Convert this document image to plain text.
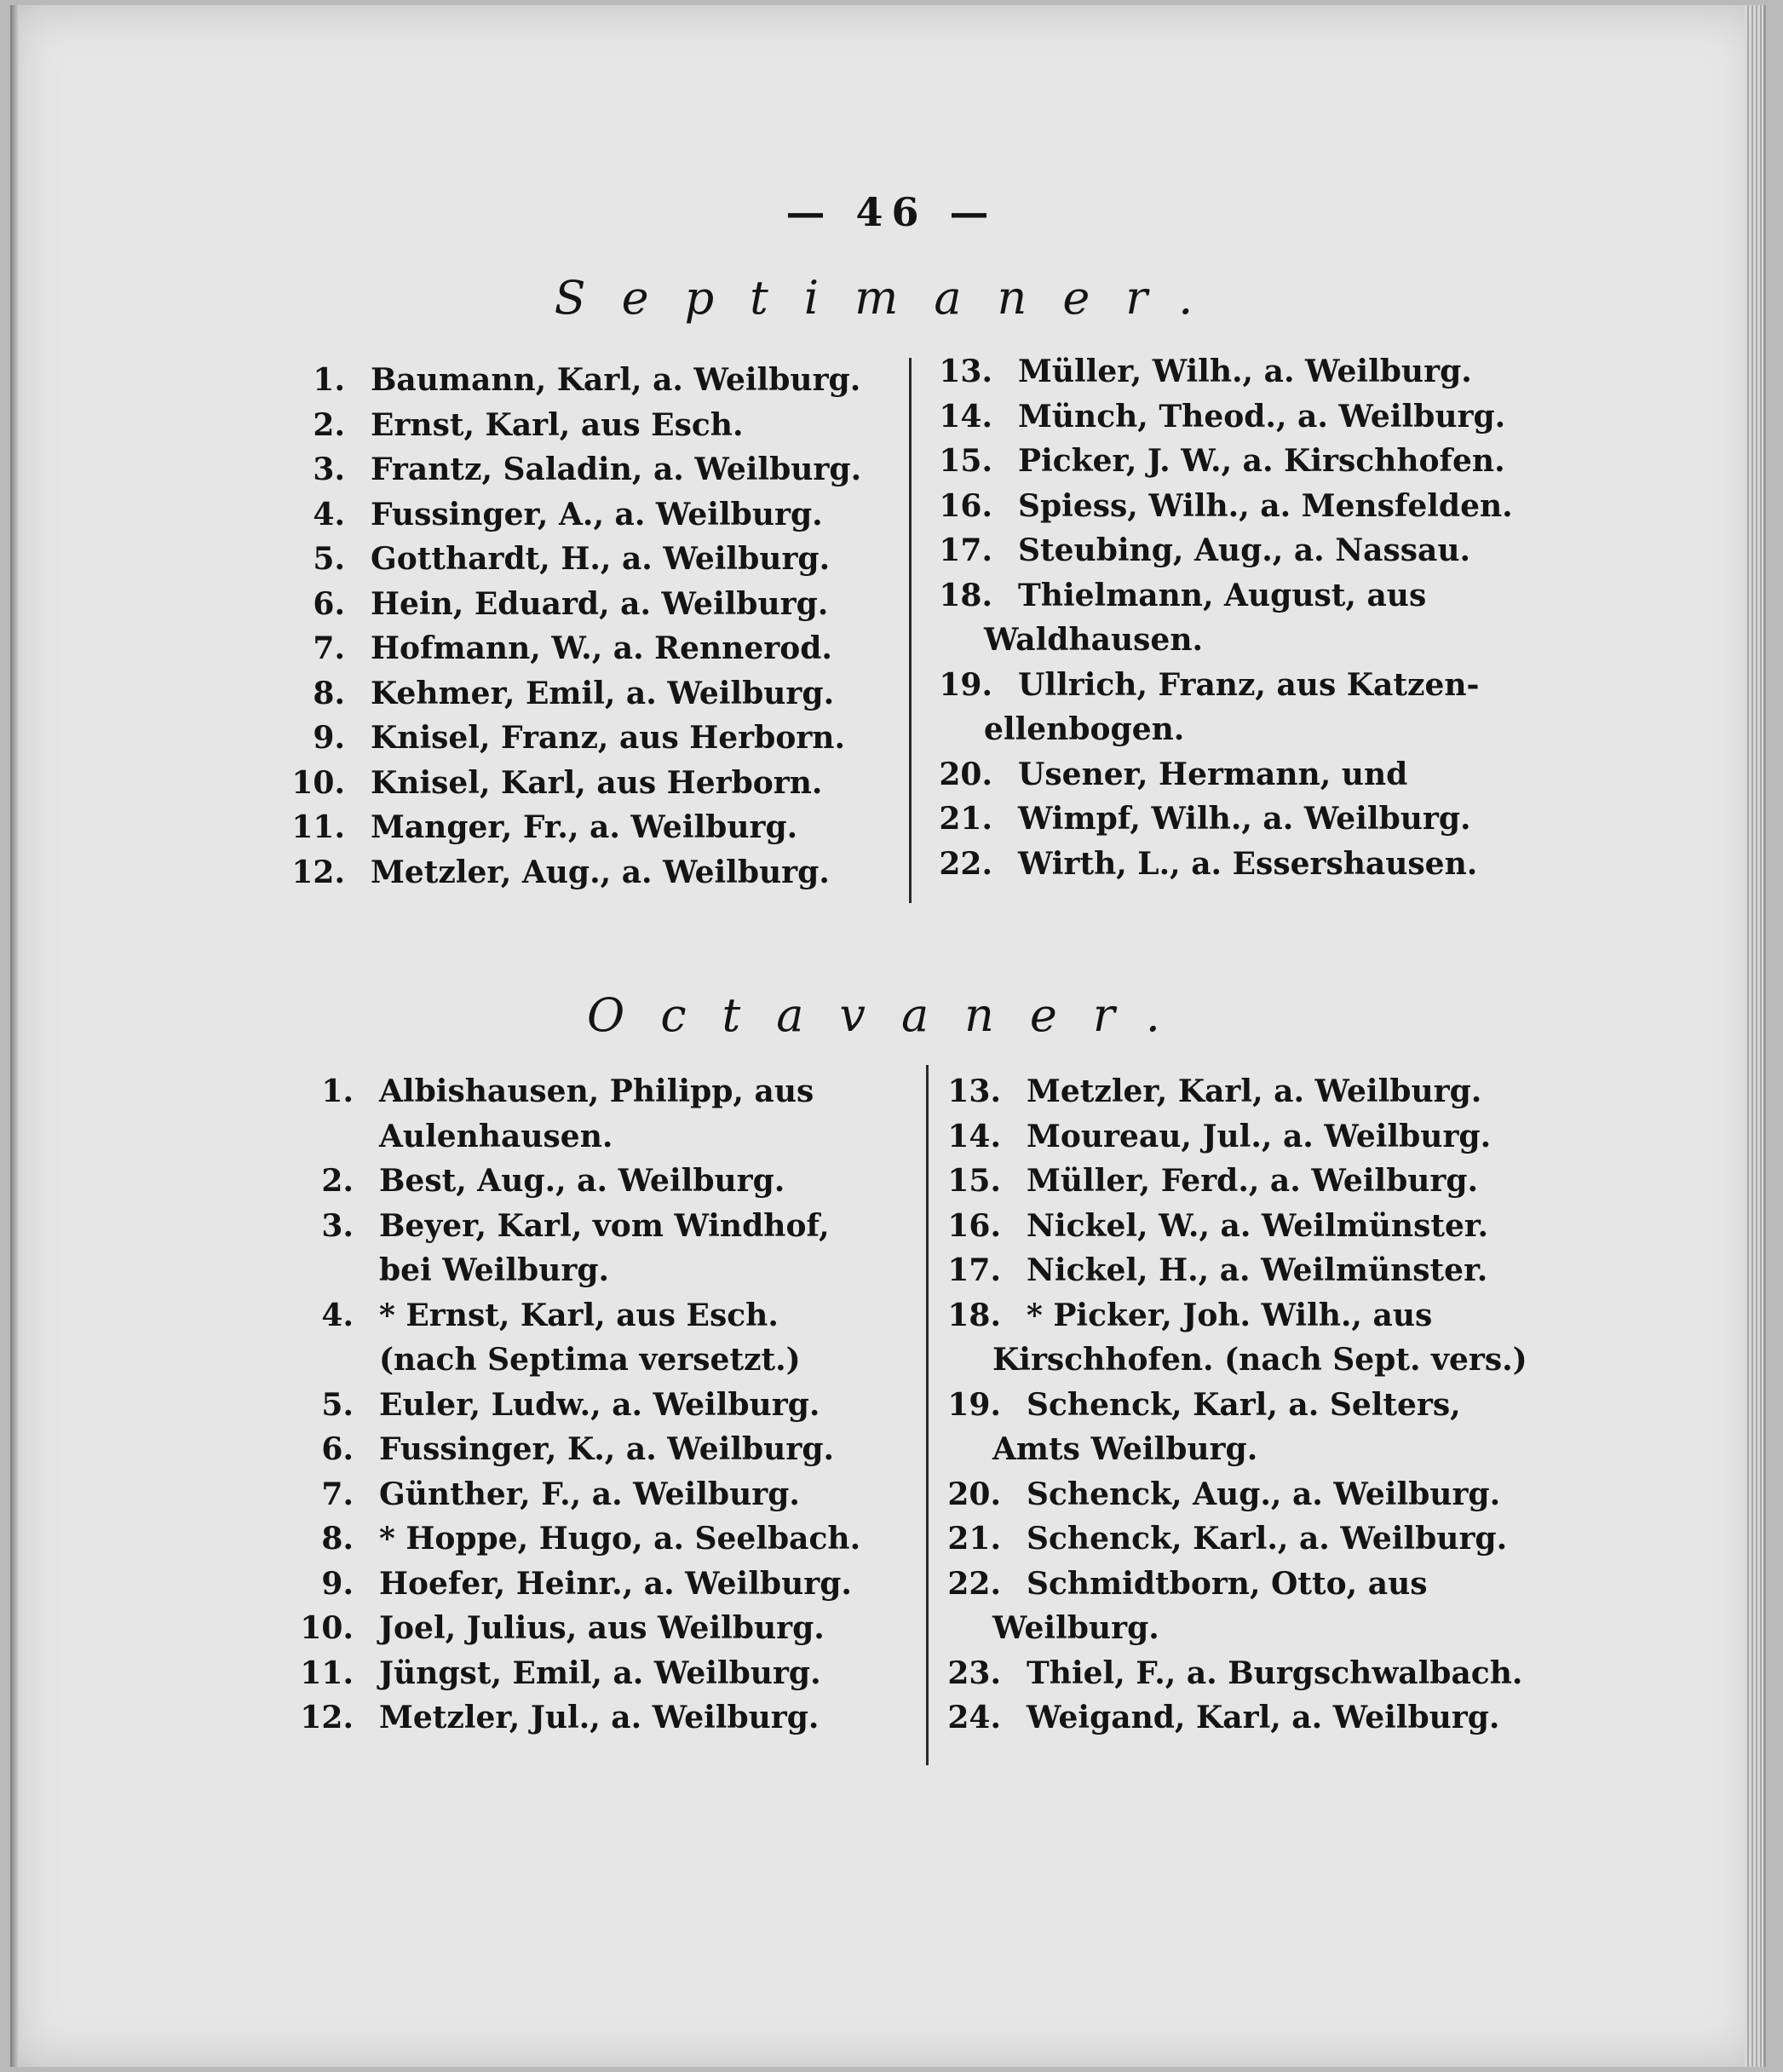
— 46 —
Septimaner.
1. Baumann, Karl, a. Weilburg.
2. Ernst, Karl, aus Esch.
3. Frantz, Saladin, a. Weilburg.
4. Fussinger, A., a. Weilburg.
5. Gotthardt, H., a. Weilburg.
6. Hein, Eduard, a. Weilburg.
7. Hofmann, W., a. Rennerod.
8. Kehmer, Emil, a. Weilburg.
9. Knisel, Franz, aus Herborn.
10. Knisel, Karl, aus Herborn.
11. Manger, Fr., a. Weilburg.
12. Metzler, Aug., a. Weilburg.
13. Müller, Wilh., a. Weilburg.
14. Münch, Theod., a. Weilburg.
15. Picker, J. W., a. Kirschhofen.
16. Spiess, Wilh., a. Mensfelden.
17. Steubing, Aug., a. Nassau.
18. Thielmann, August, aus
Waldhausen.
19. Ullrich, Franz, aus Katzen-
ellenbogen.
20. Usener, Hermann, und
21. Wimpf, Wilh., a. Weilburg.
22. Wirth, L., a. Essershausen.
Octavaner.
1. Albishausen, Philipp, aus
Aulenhausen.
2. Best, Aug., a. Weilburg.
3. Beyer, Karl, vom Windhof,
bei Weilburg.
4. * Ernst, Karl, aus Esch.
(nach Septima versetzt.)
5. Euler, Ludw., a. Weilburg.
6. Fussinger, K., a. Weilburg.
7. Günther, F., a. Weilburg.
8. * Hoppe, Hugo, a. Seelbach.
9. Hoefer, Heinr., a. Weilburg.
10. Joel, Julius, aus Weilburg.
11. Jüngst, Emil, a. Weilburg.
12. Metzler, Jul., a. Weilburg.
13. Metzler, Karl, a. Weilburg.
14. Moureau, Jul., a. Weilburg.
15. Müller, Ferd., a. Weilburg.
16. Nickel, W., a. Weilmünster.
17. Nickel, H., a. Weilmünster.
18. * Picker, Joh. Wilh., aus
Kirschhofen. (nach Sept. vers.)
19. Schenck, Karl, a. Selters,
Amts Weilburg.
20. Schenck, Aug., a. Weilburg.
21. Schenck, Karl., a. Weilburg.
22. Schmidtborn, Otto, aus
Weilburg.
23. Thiel, F., a. Burgschwalbach.
24. Weigand, Karl, a. Weilburg.
